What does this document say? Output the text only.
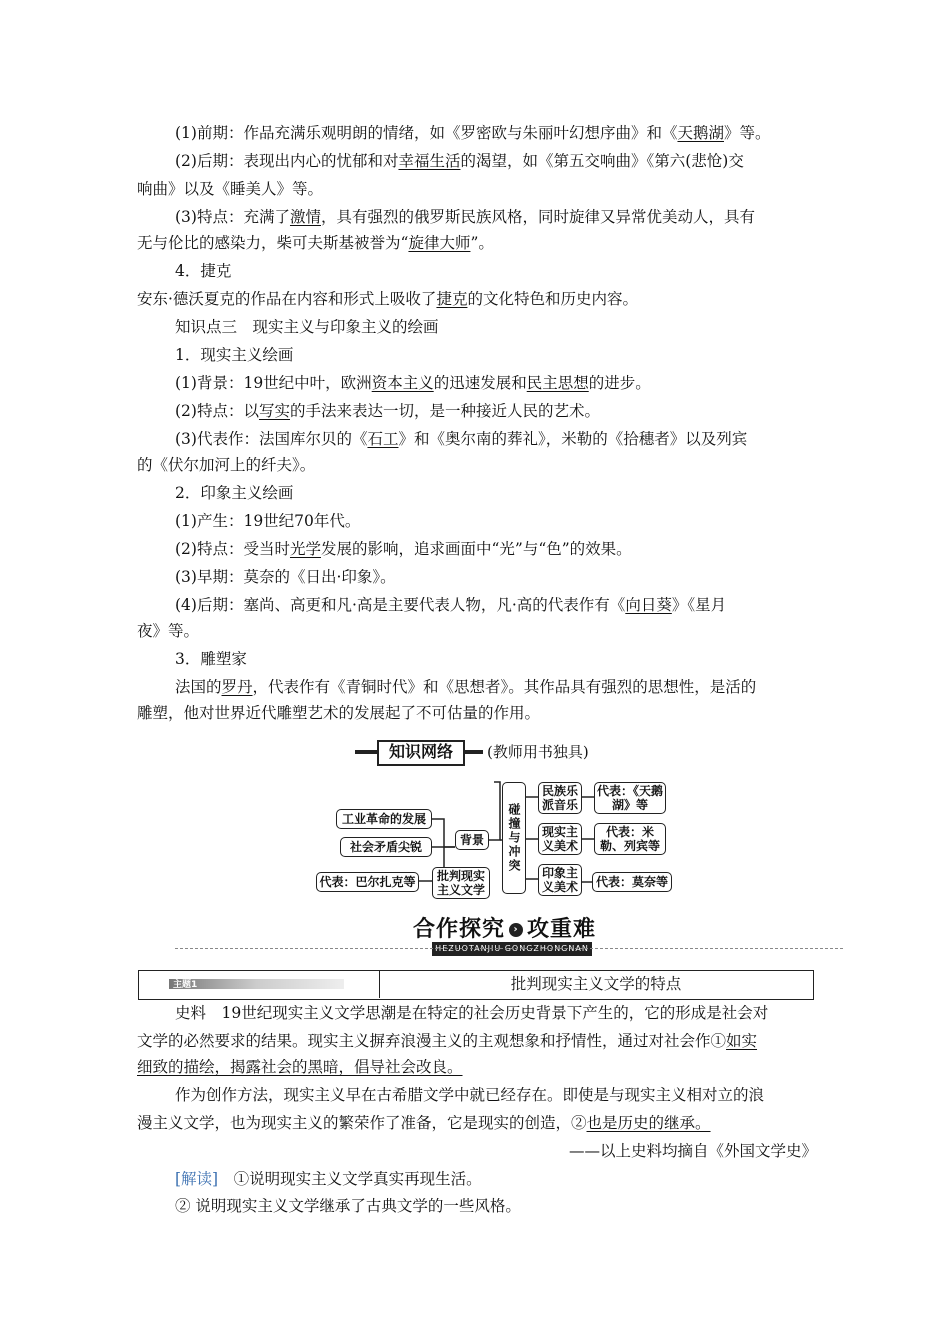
(1)前期：作品充满乐观明朗的情绪，如《罗密欧与朱丽叶幻想序曲》和《天鹅湖》等。
(2)后期：表现出内心的忧郁和对幸福生活的渴望，如《第五交响曲》《第六(悲怆)交
响曲》以及《睡美人》等。
(3)特点：充满了激情，具有强烈的俄罗斯民族风格，同时旋律又异常优美动人，具有
无与伦比的感染力，柴可夫斯基被誉为“旋律大师”。
4．捷克
安东·德沃夏克的作品在内容和形式上吸收了捷克的文化特色和历史内容。
知识点三　现实主义与印象主义的绘画
1．现实主义绘画
(1)背景：19世纪中叶，欧洲资本主义的迅速发展和民主思想的进步。
(2)特点：以写实的手法来表达一切，是一种接近人民的艺术。
(3)代表作：法国库尔贝的《石工》和《奥尔南的葬礼》，米勒的《拾穗者》以及列宾
的《伏尔加河上的纤夫》。
2．印象主义绘画
(1)产生：19世纪70年代。
(2)特点：受当时光学发展的影响，追求画面中“光”与“色”的效果。
(3)早期：莫奈的《日出·印象》。
(4)后期：塞尚、高更和凡·高是主要代表人物，凡·高的代表作有《向日葵》《星月
夜》等。
3．雕塑家
法国的罗丹，代表作有《青铜时代》和《思想者》。其作品具有强烈的思想性，是活的
雕塑，他对世界近代雕塑艺术的发展起了不可估量的作用。
知识网络	(教师用书独具)
工业革命的发展
社会矛盾尖锐	背景	碰撞与冲突
民族乐派音乐
代表：《天鹅湖》等
现实主义美术
代表：米勒、列宾等
印象主义美术	代表：莫奈等
批判现实主义文学
代表：巴尔扎克等
合作探究 › 攻重难
HEZUOTANJIU GONGZHONGNAN
主题1	批判现实主义文学的特点
史料　19世纪现实主义文学思潮是在特定的社会历史背景下产生的，它的形成是社会对
文学的必然要求的结果。现实主义摒弃浪漫主义的主观想象和抒情性，通过对社会作①如实
细致的描绘，揭露社会的黑暗，倡导社会改良。
作为创作方法，现实主义早在古希腊文学中就已经存在。即使是与现实主义相对立的浪
漫主义文学，也为现实主义的繁荣作了准备，它是现实的创造，②也是历史的继承。
——以上史料均摘自《外国文学史》
[解读]　 ①说明现实主义文学真实再现生活。
② 说明现实主义文学继承了古典文学的一些风格。
